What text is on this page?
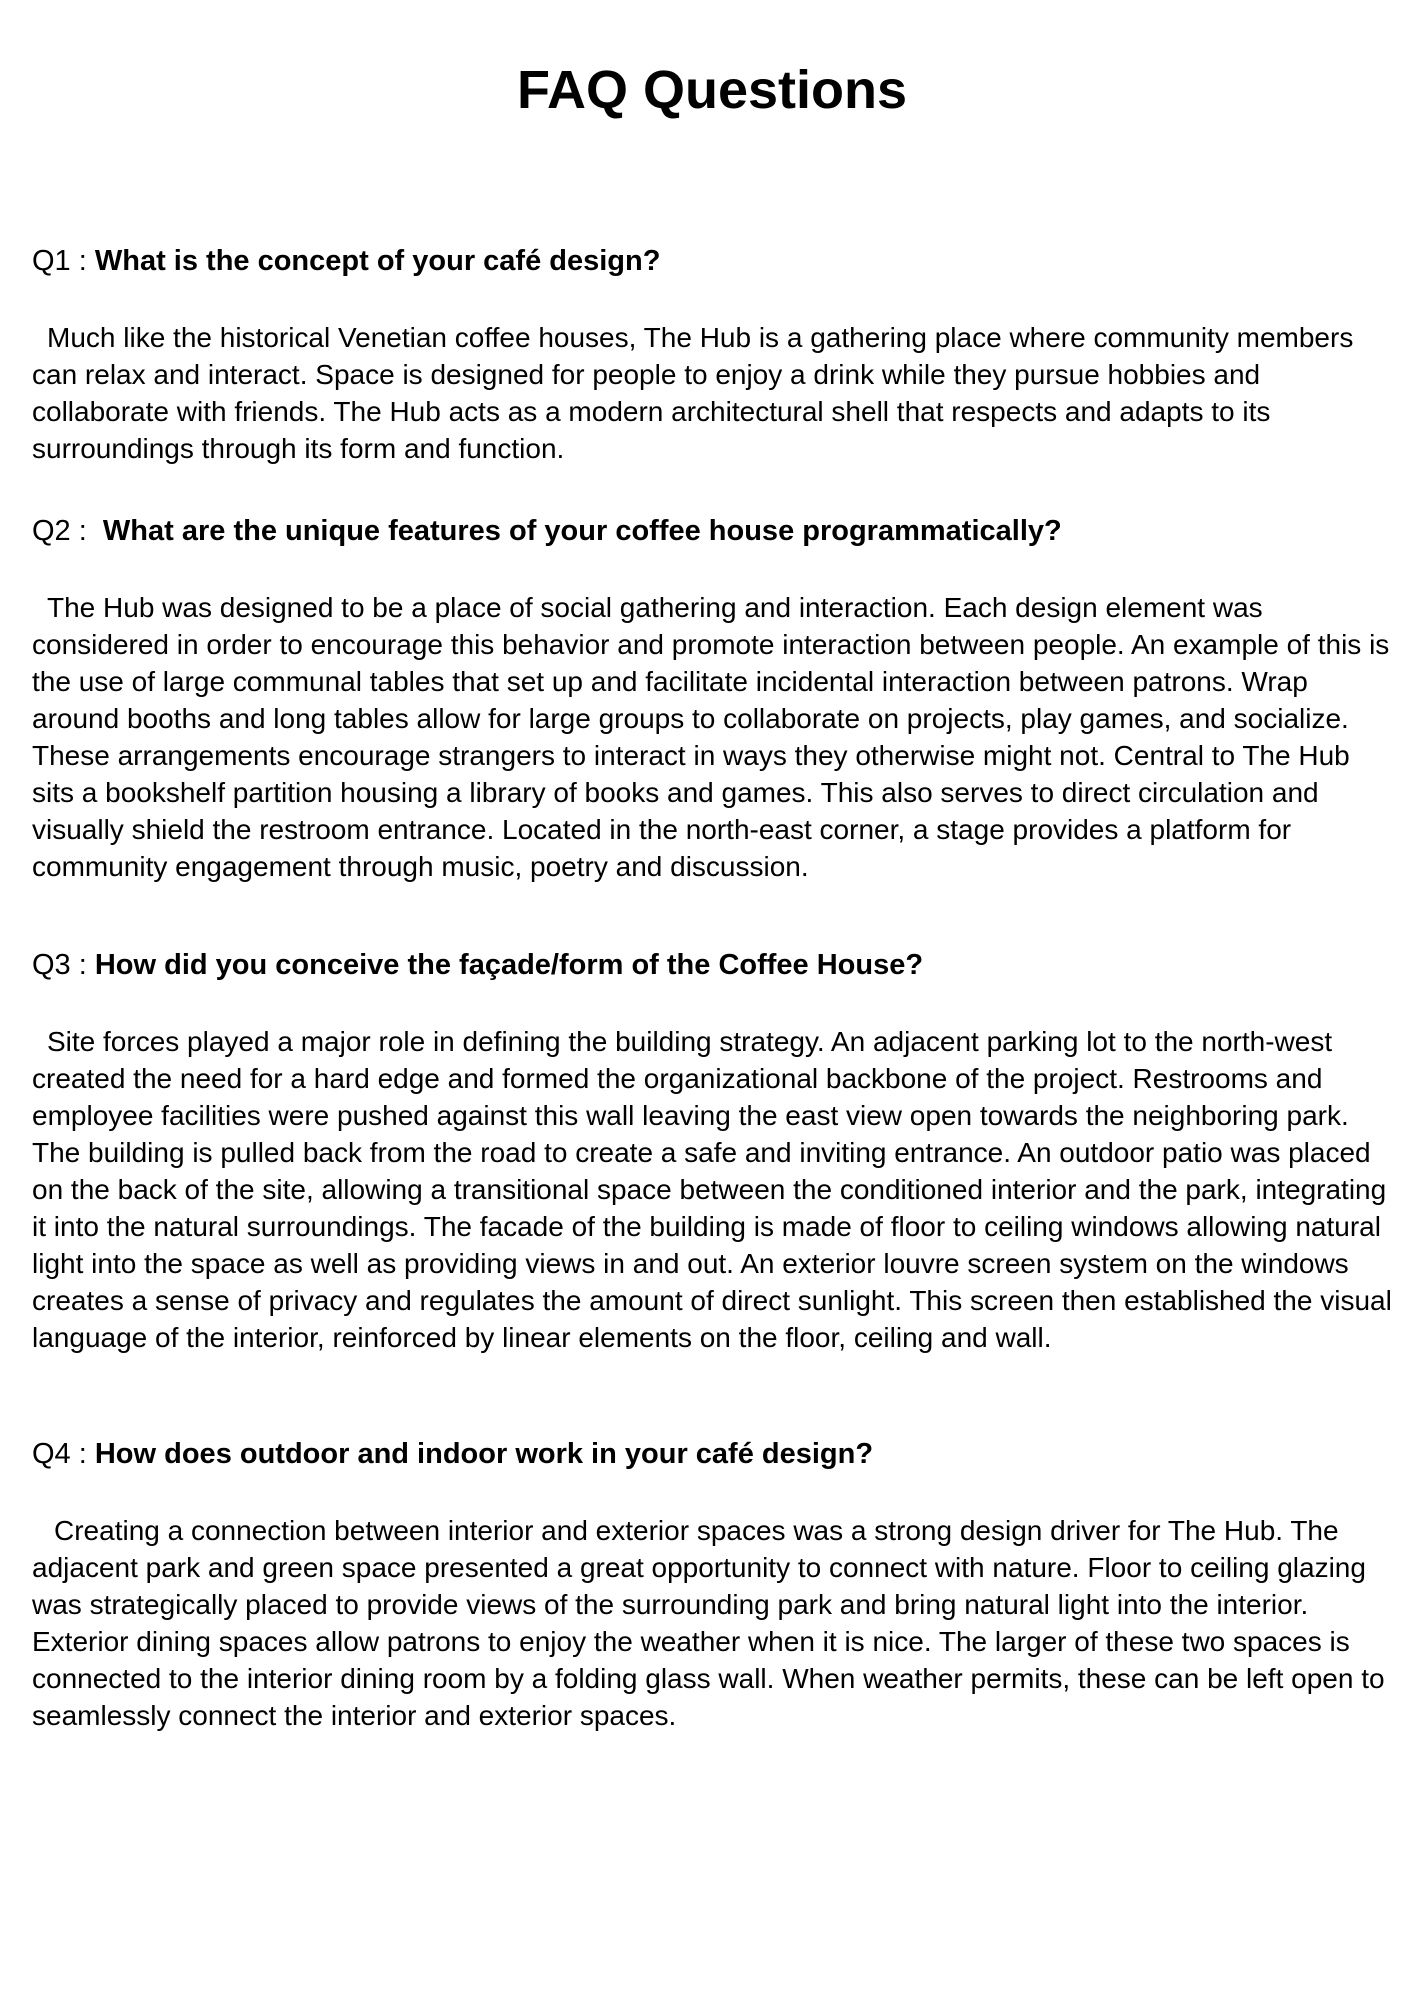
FAQ Questions
Q1 : What is the concept of your café design?

Much like the historical Venetian coffee houses, The Hub is a gathering place where community members can relax and interact. Space is designed for people to enjoy a drink while they pursue hobbies and collaborate with friends. The Hub acts as a modern architectural shell that respects and adapts to its surroundings through its form and function.

Q2 :  What are the unique features of your coffee house programmatically?

The Hub was designed to be a place of social gathering and interaction. Each design element was considered in order to encourage this behavior and promote interaction between people. An example of this is the use of large communal tables that set up and facilitate incidental interaction between patrons. Wrap around booths and long tables allow for large groups to collaborate on projects, play games, and socialize. These arrangements encourage strangers to interact in ways they otherwise might not. Central to The Hub sits a bookshelf partition housing a library of books and games. This also serves to direct circulation and visually shield the restroom entrance. Located in the north-east corner, a stage provides a platform for community engagement through music, poetry and discussion.

Q3 : How did you conceive the façade/form of the Coffee House?

Site forces played a major role in defining the building strategy. An adjacent parking lot to the north-west created the need for a hard edge and formed the organizational backbone of the project. Restrooms and employee facilities were pushed against this wall leaving the east view open towards the neighboring park. The building is pulled back from the road to create a safe and inviting entrance. An outdoor patio was placed on the back of the site, allowing a transitional space between the conditioned interior and the park, integrating it into the natural surroundings. The facade of the building is made of floor to ceiling windows allowing natural light into the space as well as providing views in and out. An exterior louvre screen system on the windows creates a sense of privacy and regulates the amount of direct sunlight. This screen then established the visual language of the interior, reinforced by linear elements on the floor, ceiling and wall.

Q4 : How does outdoor and indoor work in your café design?

Creating a connection between interior and exterior spaces was a strong design driver for The Hub. The adjacent park and green space presented a great opportunity to connect with nature. Floor to ceiling glazing was strategically placed to provide views of the surrounding park and bring natural light into the interior. Exterior dining spaces allow patrons to enjoy the weather when it is nice. The larger of these two spaces is connected to the interior dining room by a folding glass wall. When weather permits, these can be left open to seamlessly connect the interior and exterior spaces.
